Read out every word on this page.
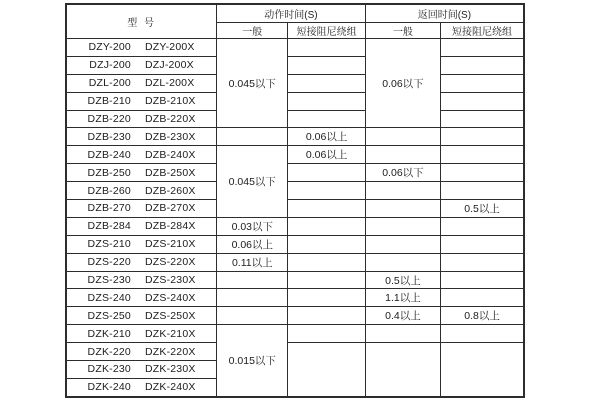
型 号	动作时间(S)		返回时间(S)	
	一般	短接阻尼绕组	一般	短接阻尼绕组
DZY-200 DZY-200X	0.045以下		0.06以下	
DZJ-200 DZJ-200X				
DZL-200 DZL-200X				
DZB-210 DZB-210X				
DZB-220 DZB-220X				
DZB-230 DZB-230X		0.06以上		
DZB-240 DZB-240X	0.045以下	0.06以上		
DZB-250 DZB-250X			0.06以下	
DZB-260 DZB-260X				
DZB-270 DZB-270X				0.5以上
DZB-284 DZB-284X	0.03以下			
DZS-210 DZS-210X	0.06以上			
DZS-220 DZS-220X	0.11以上			
DZS-230 DZS-230X			0.5以上	
DZS-240 DZS-240X			1.1以上	
DZS-250 DZS-250X			0.4以上	0.8以上
DZK-210 DZK-210X	0.015以下			
DZK-220 DZK-220X				
DZK-230 DZK-230X				
DZK-240 DZK-240X				
